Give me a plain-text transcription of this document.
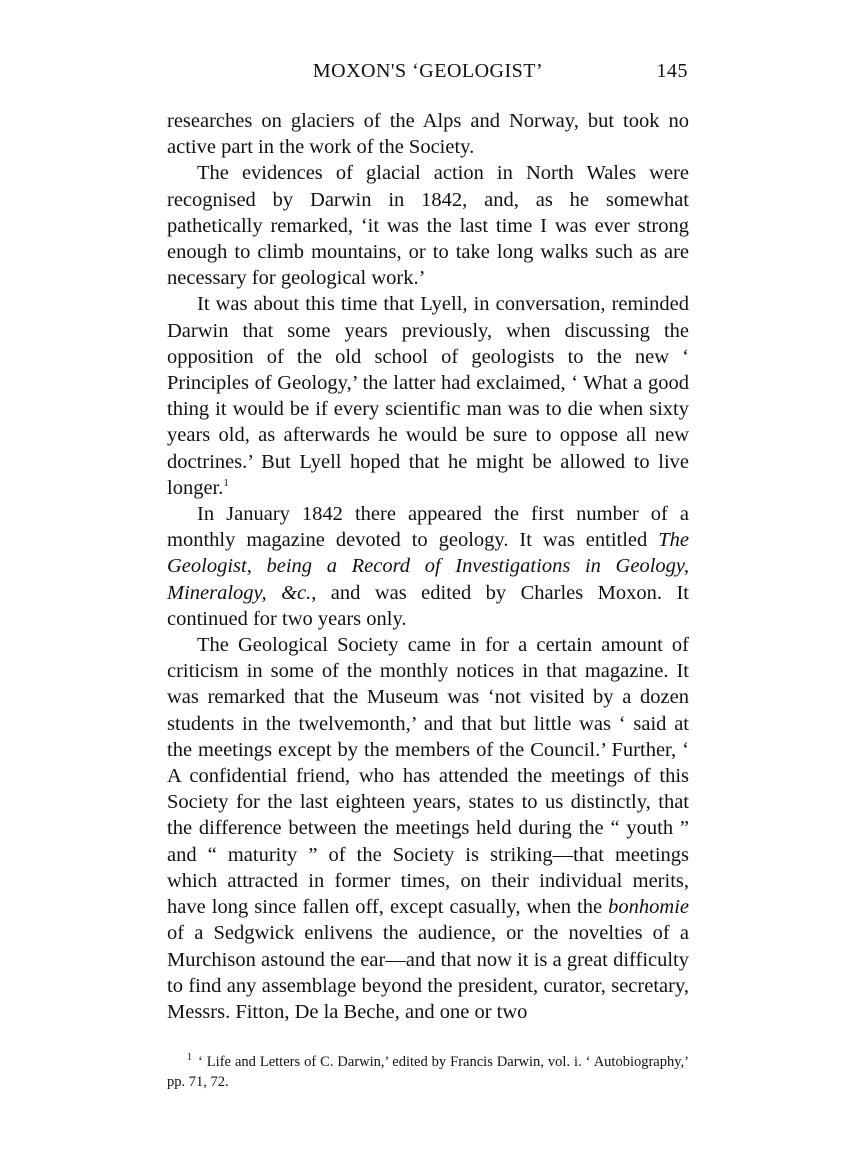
MOXON'S ‘GEOLOGIST’	145

researches on glaciers of the Alps and Norway, but took no active part in the work of the Society.

The evidences of glacial action in North Wales were recognised by Darwin in 1842, and, as he somewhat pathetically remarked, ‘it was the last time I was ever strong enough to climb mountains, or to take long walks such as are necessary for geological work.’

It was about this time that Lyell, in conversation, reminded Darwin that some years previously, when discussing the opposition of the old school of geologists to the new ‘ Principles of Geology,’ the latter had exclaimed, ‘ What a good thing it would be if every scientific man was to die when sixty years old, as afterwards he would be sure to oppose all new doctrines.’ But Lyell hoped that he might be allowed to live longer.$^1$

In January 1842 there appeared the first number of a monthly magazine devoted to geology. It was entitled The Geologist, being a Record of Investigations in Geology, Mineralogy, &c., and was edited by Charles Moxon. It continued for two years only.

The Geological Society came in for a certain amount of criticism in some of the monthly notices in that magazine. It was remarked that the Museum was ‘not visited by a dozen students in the twelvemonth,’ and that but little was ‘ said at the meetings except by the members of the Council.’ Further, ‘ A confidential friend, who has attended the meetings of this Society for the last eighteen years, states to us distinctly, that the difference between the meetings held during the “ youth ” and “ maturity ” of the Society is striking—that meetings which attracted in former times, on their individual merits, have long since fallen off, except casually, when the bonhomie of a Sedgwick enlivens the audience, or the novelties of a Murchison astound the ear—and that now it is a great difficulty to find any assemblage beyond the president, curator, secretary, Messrs. Fitton, De la Beche, and one or two

$^1$ ‘ Life and Letters of C. Darwin,’ edited by Francis Darwin, vol. i. ‘ Autobiography,’ pp. 71, 72.
